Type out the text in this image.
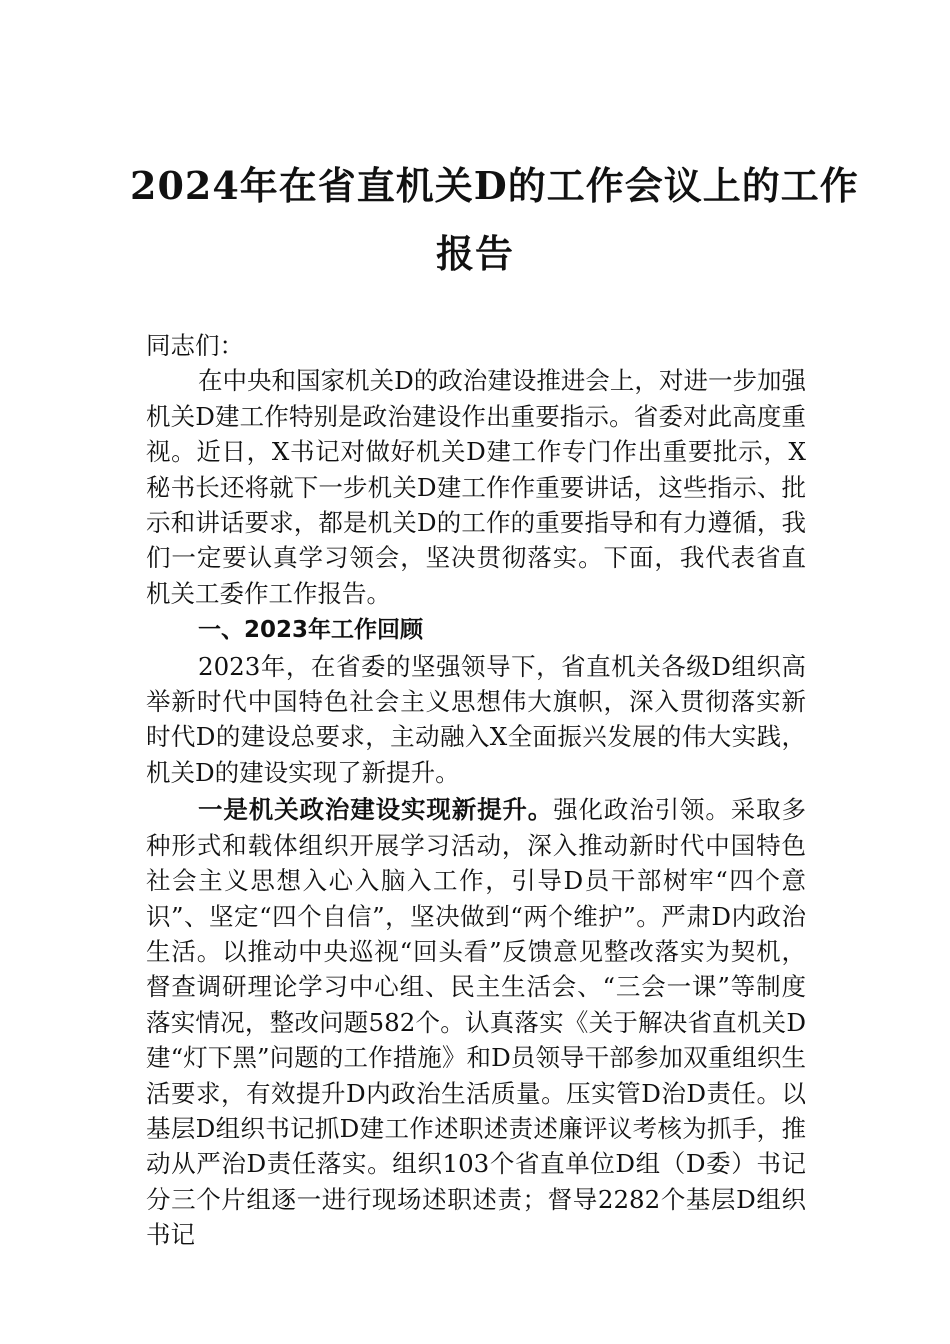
2024年在省直机关D的工作会议上的工作
报告

同志们：

在中央和国家机关D的政治建设推进会上，对进一步加强机关D建工作特别是政治建设作出重要指示。省委对此高度重视。近日，X书记对做好机关D建工作专门作出重要批示，X秘书长还将就下一步机关D建工作作重要讲话，这些指示、批示和讲话要求，都是机关D的工作的重要指导和有力遵循，我们一定要认真学习领会，坚决贯彻落实。下面，我代表省直机关工委作工作报告。

一、2023年工作回顾

2023年，在省委的坚强领导下，省直机关各级D组织高举新时代中国特色社会主义思想伟大旗帜，深入贯彻落实新时代D的建设总要求，主动融入X全面振兴发展的伟大实践，机关D的建设实现了新提升。

一是机关政治建设实现新提升。强化政治引领。采取多种形式和载体组织开展学习活动，深入推动新时代中国特色社会主义思想入心入脑入工作，引导D员干部树牢“四个意识”、坚定“四个自信”，坚决做到“两个维护”。严肃D内政治生活。以推动中央巡视“回头看”反馈意见整改落实为契机，督查调研理论学习中心组、民主生活会、“三会一课”等制度落实情况，整改问题582个。认真落实《关于解决省直机关D建“灯下黑”问题的工作措施》和D员领导干部参加双重组织生活要求，有效提升D内政治生活质量。压实管D治D责任。以基层D组织书记抓D建工作述职述责述廉评议考核为抓手，推动从严治D责任落实。组织103个省直单位D组（D委）书记分三个片组逐一进行现场述职述责；督导2282个基层D组织书记
